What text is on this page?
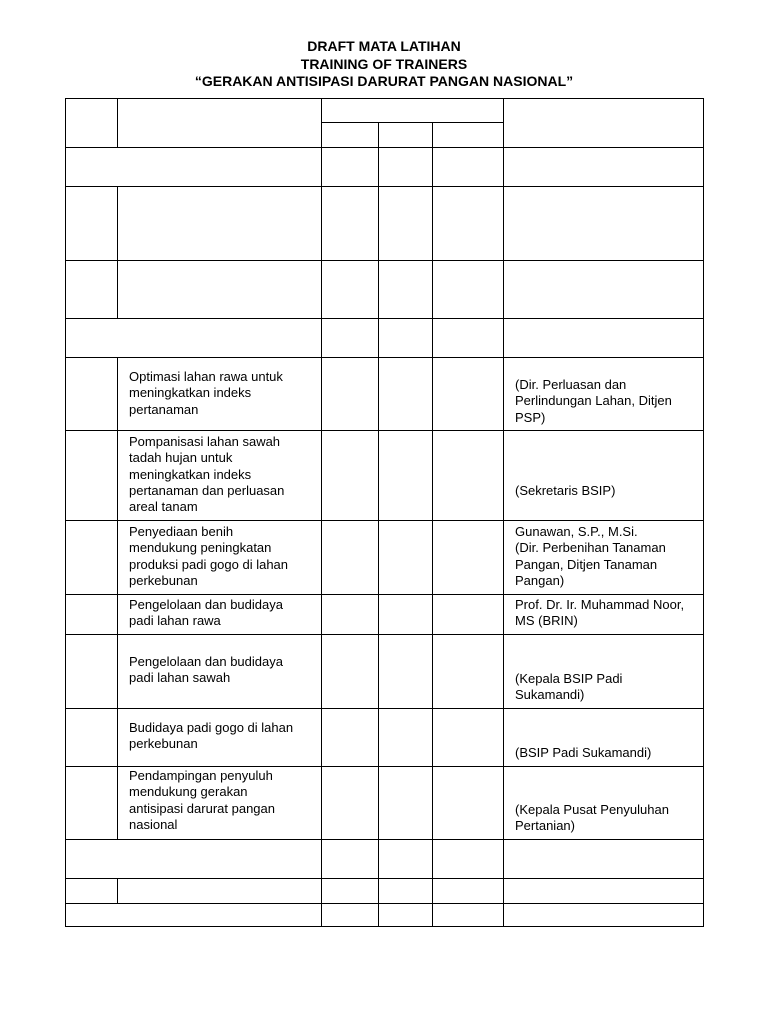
DRAFT MATA LATIHAN
TRAINING OF TRAINERS
“GERAKAN ANTISIPASI DARURAT PANGAN NASIONAL”
Optimasi lahan rawa untuk
meningkatkan indeks
pertanaman
(Dir. Perluasan dan
Perlindungan Lahan, Ditjen
PSP)
Pompanisasi lahan sawah
tadah hujan untuk
meningkatkan indeks
pertanaman dan perluasan
areal tanam
(Sekretaris BSIP)
Penyediaan benih
mendukung peningkatan
produksi padi gogo di lahan
perkebunan
Gunawan, S.P., M.Si.
(Dir. Perbenihan Tanaman
Pangan, Ditjen Tanaman
Pangan)
Pengelolaan dan budidaya
padi lahan rawa
Prof. Dr. Ir. Muhammad Noor,
MS (BRIN)
Pengelolaan dan budidaya
padi lahan sawah	(Kepala BSIP Padi
Sukamandi)
Budidaya padi gogo di lahan
perkebunan
(BSIP Padi Sukamandi)
Pendampingan penyuluh
mendukung gerakan
antisipasi darurat pangan
nasional
(Kepala Pusat Penyuluhan
Pertanian)
